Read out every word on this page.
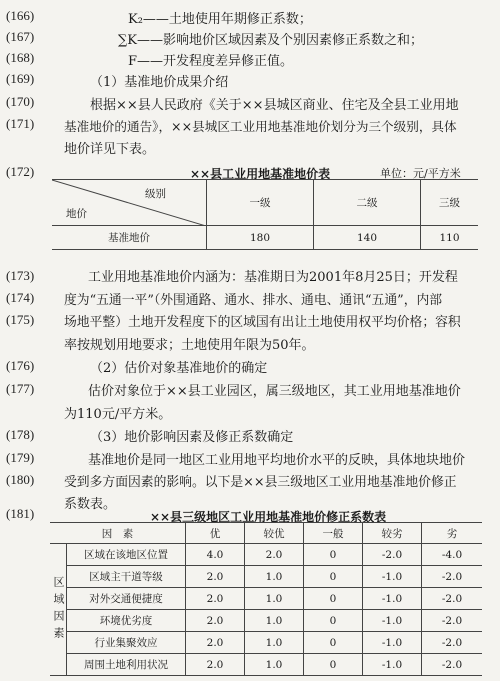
(166)	K₂——土地使用年期修正系数；
(167)	∑K——影响地价区域因素及个别因素修正系数之和；
(168)	F——开发程度差异修正值。
(169)	（1）基准地价成果介绍
(170)	根据××县人民政府《关于××县城区商业、住宅及全县工业用地
(171) 基准地价的通告》，××县城区工业用地基准地价划分为三个级别，具体
地价详见下表。
(172)	××县工业用地基准地价表	单位：元/平方米
级别
地价	一级	二级	三级
基准地价	180	140	110
(173)	工业用地基准地价内涵为：基准期日为2001年8月25日；开发程
(174) 度为“五通一平”（外围通路、通水、排水、通电、通讯“五通”，内部
(175) 场地平整）土地开发程度下的区域国有出让土地使用权平均价格；容积
率按规划用地要求；土地使用年限为50年。
(176)	（2）估价对象基准地价的确定
(177)	估价对象位于××县工业园区，属三级地区，其工业用地基准地价
为110元/平方米。
(178)	（3）地价影响因素及修正系数确定
(179)	基准地价是同一地区工业用地平均地价水平的反映，具体地块地价
(180) 受到多方面因素的影响。以下是××县三级地区工业用地基准地价修正
系数表。
(181)	××县三级地区工业用地基准地价修正系数表
因　素		优	较优	一般	较劣	劣
区域因素	区域在该地区位置	4.0	2.0	0	-2.0	-4.0
	区域主干道等级	2.0	1.0	0	-1.0	-2.0
	对外交通便捷度	2.0	1.0	0	-1.0	-2.0
	环境优劣度	2.0	1.0	0	-1.0	-2.0
	行业集聚效应	2.0	1.0	0	-1.0	-2.0
	周围土地利用状况	2.0	1.0	0	-1.0	-2.0
